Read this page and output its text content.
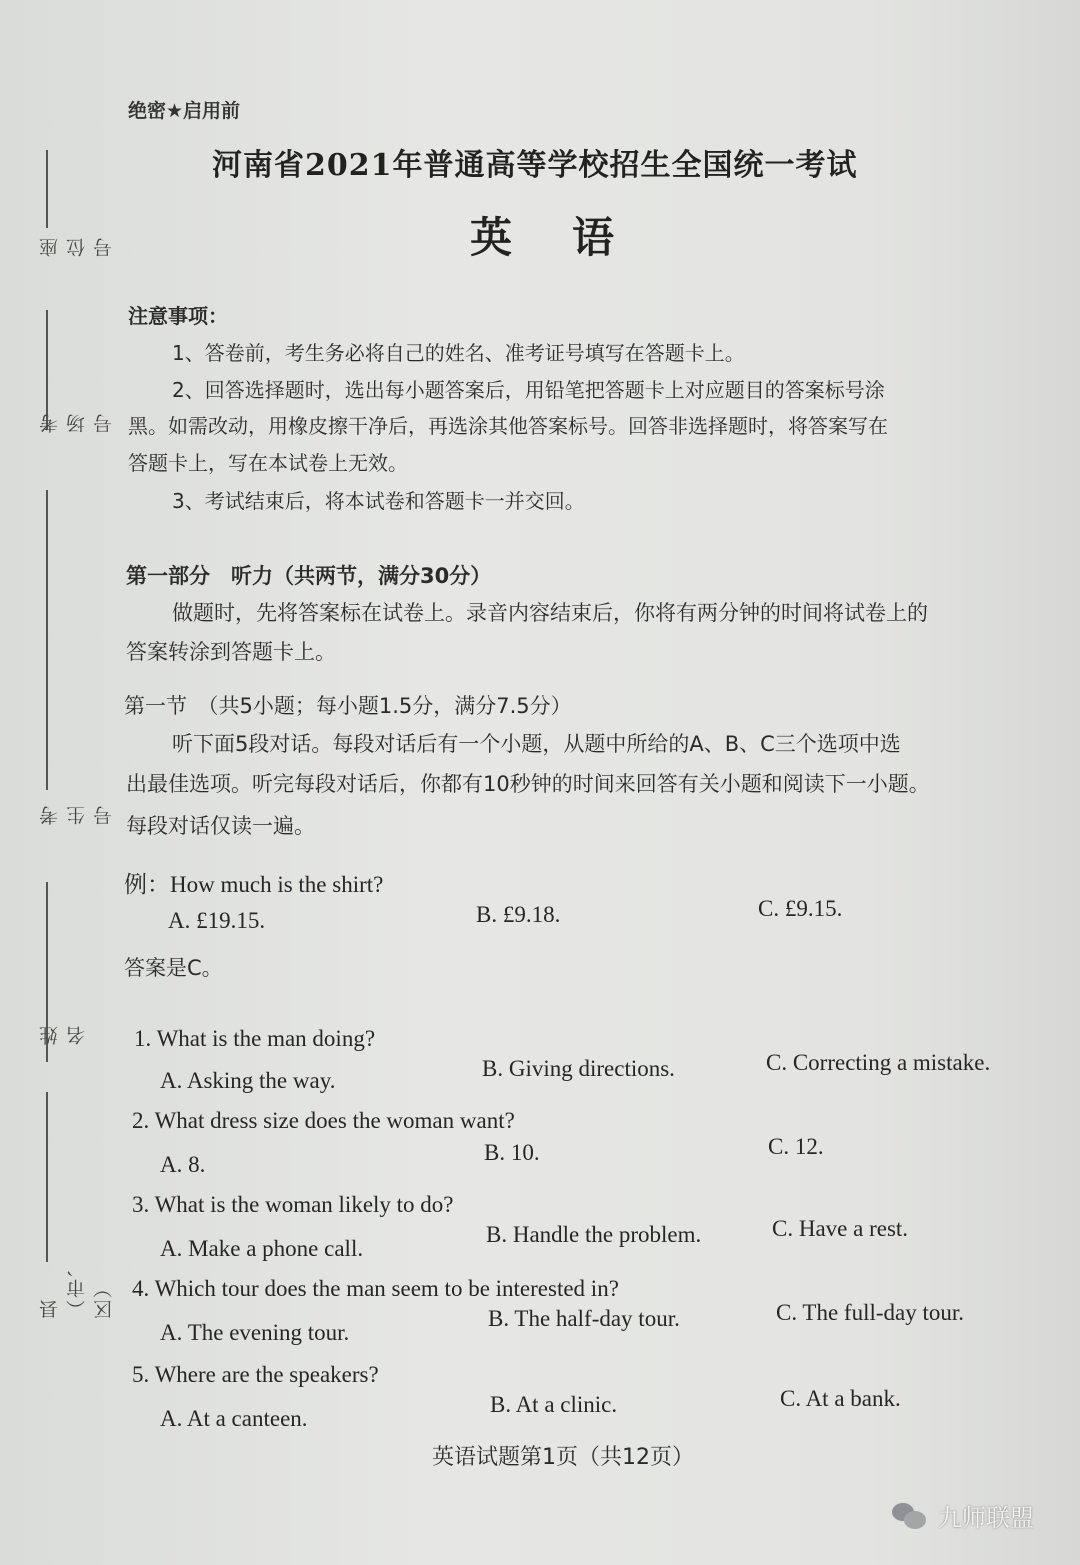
座位号
考场号
考生号
姓名
县（市、区）
绝密★启用前
河南省2021年普通高等学校招生全国统一考试
英语
注意事项：
1、答卷前，考生务必将自己的姓名、准考证号填写在答题卡上。
2、回答选择题时，选出每小题答案后，用铅笔把答题卡上对应题目的答案标号涂
黑。如需改动，用橡皮擦干净后，再选涂其他答案标号。回答非选择题时，将答案写在
答题卡上，写在本试卷上无效。
3、考试结束后，将本试卷和答题卡一并交回。
第一部分　听力（共两节，满分30分）
做题时，先将答案标在试卷上。录音内容结束后，你将有两分钟的时间将试卷上的
答案转涂到答题卡上。
第一节　（共5小题；每小题1.5分，满分7.5分）
听下面5段对话。每段对话后有一个小题，从题中所给的A、B、C三个选项中选
出最佳选项。听完每段对话后，你都有10秒钟的时间来回答有关小题和阅读下一小题。
每段对话仅读一遍。
例：How much is the shirt?
A. £19.15.	B. £9.18.	C. £9.15.
答案是C。
1. What is the man doing?
A. Asking the way.	B. Giving directions.	C. Correcting a mistake.
2. What dress size does the woman want?
A. 8.	B. 10.	C. 12.
3. What is the woman likely to do?
A. Make a phone call.
B. Handle the problem.	C. Have a rest.
4. Which tour does the man seem to be interested in?
A. The evening tour.
B. The half-day tour.	C. The full-day tour.
5. Where are the speakers?
A. At a canteen.
B. At a clinic.	C. At a bank.
英语试题第1页（共12页）
九师联盟
